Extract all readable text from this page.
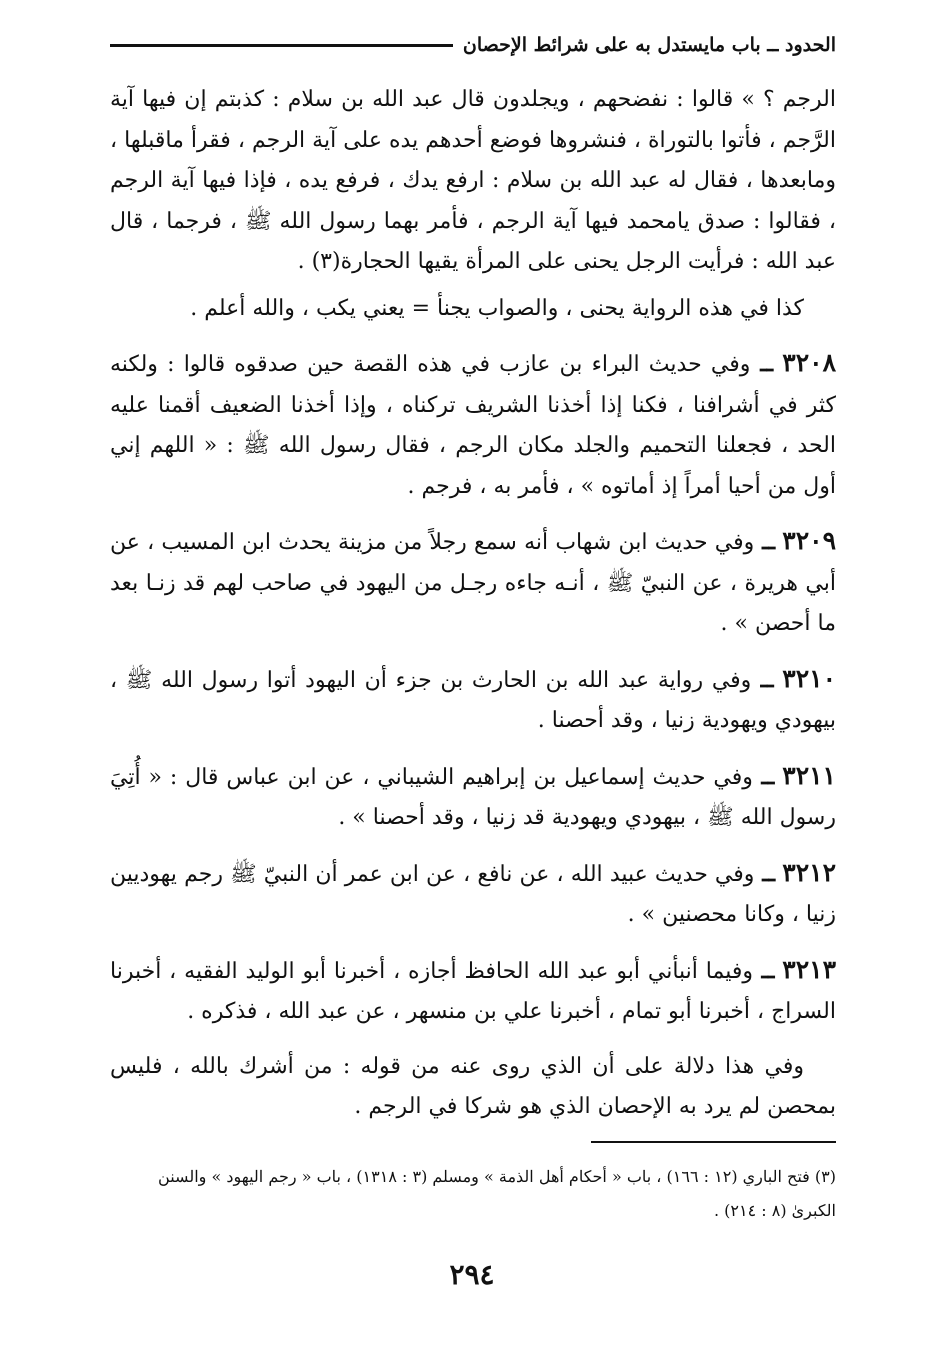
الحدود ــ باب مايستدل به على شرائط الإحصان

الرجم ؟ » قالوا : نفضحهم ، ويجلدون قال عبد الله بن سلام : كذبتم إن فيها آية الرَّجم ، فأتوا بالتوراة ، فنشروها فوضع أحدهم يده على آية الرجم ، فقرأ ماقبلها ، ومابعدها ، فقال له عبد الله بن سلام : ارفع يدك ، فرفع يده ، فإذا فيها آية الرجم ، فقالوا : صدق يامحمد فيها آية الرجم ، فأمر بهما رسول الله ﷺ ، فرجما ، قال عبد الله : فرأيت الرجل يحنى على المرأة يقيها الحجارة(٣) .

كذا في هذه الرواية يحنى ، والصواب يجنأ = يعني يكب ، والله أعلم .

٣٢٠٨ ــ وفي حديث البراء بن عازب في هذه القصة حين صدقوه قالوا : ولكنه كثر في أشرافنا ، فكنا إذا أخذنا الشريف تركناه ، وإذا أخذنا الضعيف أقمنا عليه الحد ، فجعلنا التحميم والجلد مكان الرجم ، فقال رسول الله ﷺ : « اللهم إني أول من أحيا أمراً إذ أماتوه » ، فأمر به ، فرجم .

٣٢٠٩ ــ وفي حديث ابن شهاب أنه سمع رجلاً من مزينة يحدث ابن المسيب ، عن أبي هريرة ، عن النبيّ ﷺ ، أنـه جاءه رجـل من اليهود في صاحب لهم قد زنـا بعد ما أحصن » .

٣٢١٠ ــ وفي رواية عبد الله بن الحارث بن جزء أن اليهود أتوا رسول الله ﷺ ، بيهودي ويهودية زنيا ، وقد أحصنا .

٣٢١١ ــ وفي حديث إسماعيل بن إبراهيم الشيباني ، عن ابن عباس قال : « أُتِيَ رسول الله ﷺ ، بيهودي ويهودية قد زنيا ، وقد أحصنا » .

٣٢١٢ ــ وفي حديث عبيد الله ، عن نافع ، عن ابن عمر أن النبيّ ﷺ رجم يهوديين زنيا ، وكانا محصنين » .

٣٢١٣ ــ وفيما أنبأني أبو عبد الله الحافظ أجازه ، أخبرنا أبو الوليد الفقيه ، أخبرنا السراج ، أخبرنا أبو تمام ، أخبرنا علي بن منسهر ، عن عبد الله ، فذكره .

وفي هذا دلالة على أن الذي روى عنه من قوله : من أشرك بالله ، فليس بمحصن لم يرد به الإحصان الذي هو شركا في الرجم .

(٣) فتح الباري (١٢ : ١٦٦) ، باب « أحكام أهل الذمة » ومسلم (٣ : ١٣١٨) ، باب « رجم اليهود » والسنن الكبرىٰ (٨ : ٢١٤) .
٢٩٤
